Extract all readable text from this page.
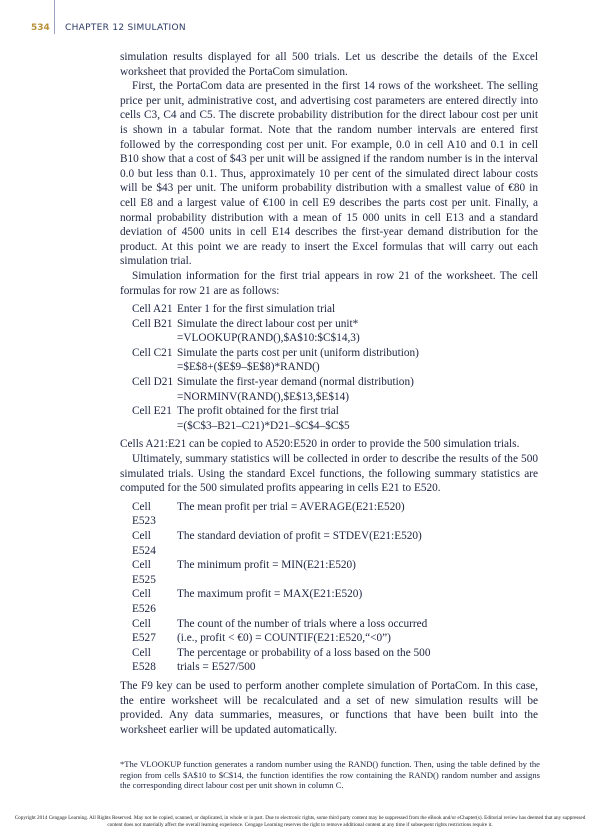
534 CHAPTER 12 SIMULATION

simulation results displayed for all 500 trials. Let us describe the details of the Excel worksheet that provided the PortaCom simulation.

First, the PortaCom data are presented in the first 14 rows of the worksheet. The selling price per unit, administrative cost, and advertising cost parameters are entered directly into cells C3, C4 and C5. The discrete probability distribution for the direct labour cost per unit is shown in a tabular format. Note that the random number intervals are entered first followed by the corresponding cost per unit. For example, 0.0 in cell A10 and 0.1 in cell B10 show that a cost of $43 per unit will be assigned if the random number is in the interval 0.0 but less than 0.1. Thus, approximately 10 per cent of the simulated direct labour costs will be $43 per unit. The uniform probability distribution with a smallest value of €80 in cell E8 and a largest value of €100 in cell E9 describes the parts cost per unit. Finally, a normal probability distribution with a mean of 15 000 units in cell E13 and a standard deviation of 4500 units in cell E14 describes the first-year demand distribution for the product. At this point we are ready to insert the Excel formulas that will carry out each simulation trial.

Simulation information for the first trial appears in row 21 of the worksheet. The cell formulas for row 21 are as follows:

Cell A21 Enter 1 for the first simulation trial
Cell B21 Simulate the direct labour cost per unit*
=VLOOKUP(RAND(),$A$10:$C$14,3)
Cell C21 Simulate the parts cost per unit (uniform distribution)
=$E$8+($E$9–$E$8)*RAND()
Cell D21 Simulate the first-year demand (normal distribution)
=NORMINV(RAND(),$E$13,$E$14)
Cell E21 The profit obtained for the first trial
=($C$3–B21–C21)*D21–$C$4–$C$5

Cells A21:E21 can be copied to A520:E520 in order to provide the 500 simulation trials.

Ultimately, summary statistics will be collected in order to describe the results of the 500 simulated trials. Using the standard Excel functions, the following summary statistics are computed for the 500 simulated profits appearing in cells E21 to E520.

Cell E523
The mean profit per trial = AVERAGE(E21:E520)
Cell E524
The standard deviation of profit = STDEV(E21:E520)
Cell E525
The minimum profit = MIN(E21:E520)
Cell E526
The maximum profit = MAX(E21:E520)
Cell E527
The count of the number of trials where a loss occurred
(i.e., profit < €0) = COUNTIF(E21:E520,“<0”)
Cell E528
The percentage or probability of a loss based on the 500
trials = E527/500

The F9 key can be used to perform another complete simulation of PortaCom. In this case, the entire worksheet will be recalculated and a set of new simulation results will be provided. Any data summaries, measures, or functions that have been built into the worksheet earlier will be updated automatically.

*The VLOOKUP function generates a random number using the RAND() function. Then, using the table defined by the region from cells $A$10 to $C$14, the function identifies the row containing the RAND() random number and assigns the corresponding direct labour cost per unit shown in column C.
Copyright 2014 Cengage Learning. All Rights Reserved. May not be copied, scanned, or duplicated, in whole or in part. Due to electronic rights, some third party content may be suppressed from the eBook and/or eChapter(s). Editorial review has deemed that any suppressed content does not materially affect the overall learning experience. Cengage Learning reserves the right to remove additional content at any time if subsequent rights restrictions require it.
